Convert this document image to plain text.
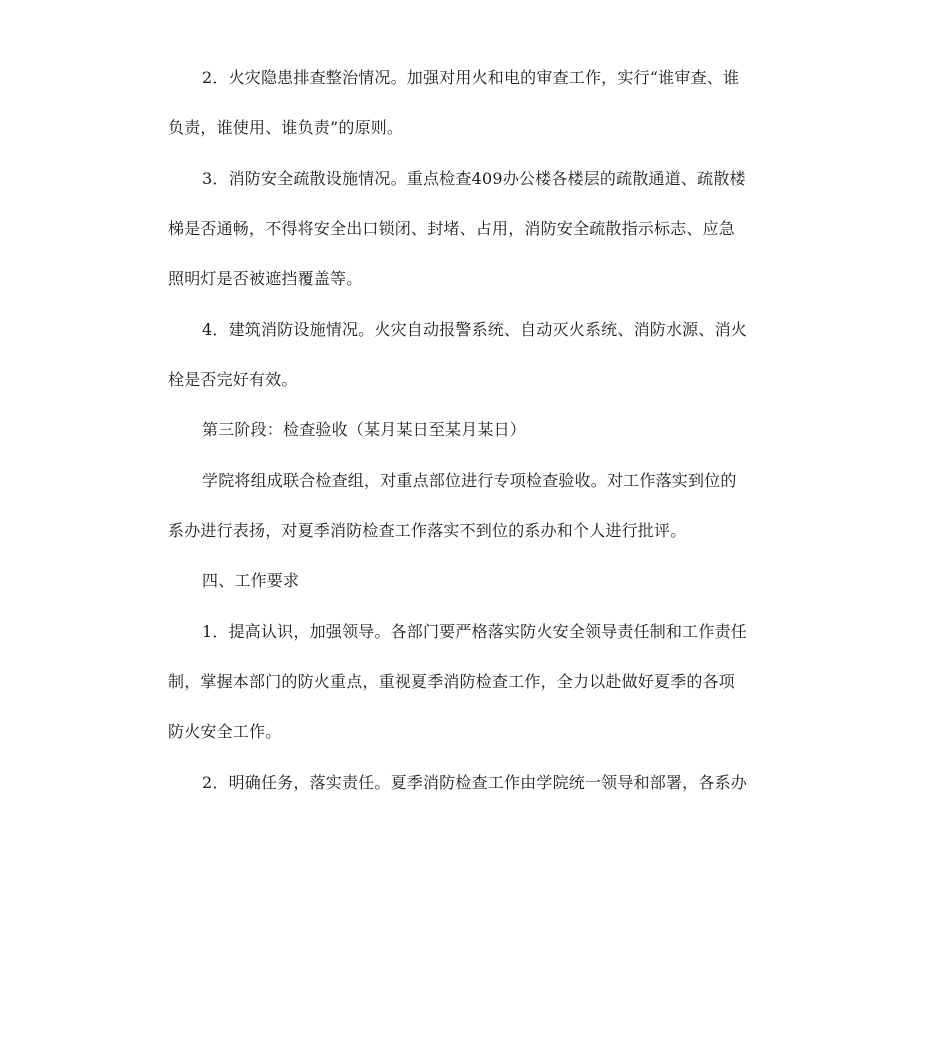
2．火灾隐患排查整治情况。加强对用火和电的审查工作，实行“谁审查、谁
负责，谁使用、谁负责”的原则。
3．消防安全疏散设施情况。重点检查409办公楼各楼层的疏散通道、疏散楼
梯是否通畅，不得将安全出口锁闭、封堵、占用，消防安全疏散指示标志、应急
照明灯是否被遮挡覆盖等。
4．建筑消防设施情况。火灾自动报警系统、自动灭火系统、消防水源、消火
栓是否完好有效。
第三阶段：检查验收（某月某日至某月某日）
学院将组成联合检查组，对重点部位进行专项检查验收。对工作落实到位的
系办进行表扬，对夏季消防检查工作落实不到位的系办和个人进行批评。
四、工作要求
1．提高认识，加强领导。各部门要严格落实防火安全领导责任制和工作责任
制，掌握本部门的防火重点，重视夏季消防检查工作，全力以赴做好夏季的各项
防火安全工作。
2．明确任务，落实责任。夏季消防检查工作由学院统一领导和部署，各系办
